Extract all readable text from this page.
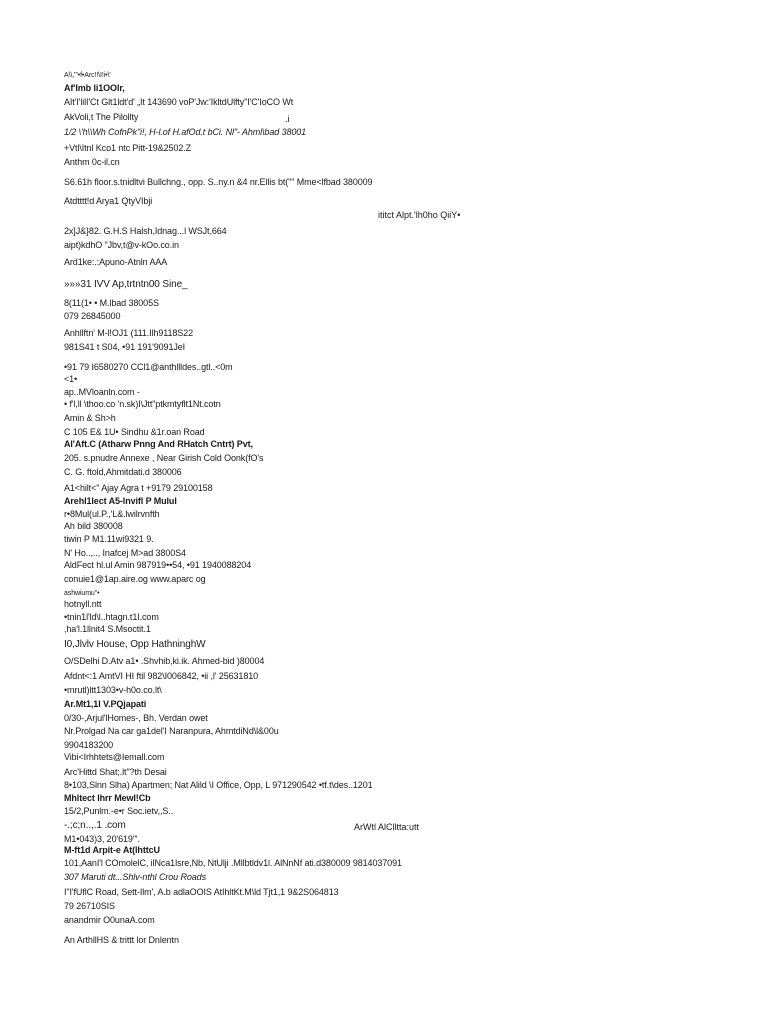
A\\,"'•f•Arc!!\I!i•\'

Af'Imb li1OOlr,

AIt'I'lilI'Ct Glt1ldt'd' „It 143690 voP'Jw:'IkltdUlfty"I'C'IoCO Wt

AkVoli,t The Pilollty	.i

1/2 \'h\\Wh CofnPk"i!, H-l.of H.afOd.t bCi. Nl"- Ahml\bad 38001

+Vtl\Itnl Kco1 ntc Pitt-19&2502.Z

Anthm 0c-il.cn

S6.61h floor.s.tnidltvi Bullchng., opp. S..ny.n &4 nr.Ellis bt("" Mme<lfbad 380009

Atdtttt!d Arya1 QtyVIbji

ititct Alpt.'lh0ho QiiY•

2x]J&}82. G.H.S Halsh,Idnag...l WSJt,664

aipt)kdhO "Jbv,t@v-kOo.co.in

Ard1ke:.:Apuno-Atnln AAA

»»»31 IVV Ap,trtntn00 Sine_

8(11(1• • M.lbad 38005S

079 26845000

Anhllftn' M-l!OJ1 (111.Ilh9118S22

981S41 t S04, •91 191'9091JeI

•91 79 I6580270 CCl1@anthllldes..gtl..<0m

<1•

ap..MVloanln.com -

• f'l,ll \thoo.co 'n.sk)I\Jtt"ptkmtyflt1Nt.cotn

Amin & Sh>h

C 105 E& 1U• Sindhu &1r.oan Road

Al'Aft.C (Atharw Pnng And RHatch Cntrt) Pvt,

205. s.pnudre Annexe , Near Girish Cold Oonk(fO's

C. G. ftold,Ahmitdati.d 380006

A1<hilt<" Ajay Agra t +9179 29100158

Arehl1lect A5-lnvifl P Mulul

r•8Mul(ul.P.,'L&.lwilrvnfth

Ah bild 380008

tiwin P M1.11wi9321 9.

N' Ho..,.., Inafcej M>ad 3800S4

AldFect hl.ul Amin 987919••54, •91 1940088204

conuie1@1ap.aire.og www.aparc og

ashwiumu"•

hotnyll.ntt

•tnin1l'ld\l..htagn.t1I.com

,ha'l.1llnit4 S.Msoctit.1

I0,Jlvlv House, Opp HathninghW

O/SDelhi D.Atv a1• .Shvhib,ki.ik. Ahmed-bid )80004

Afdnt<:1 AmtVI HI ftil 982\I006842, •ii ,l' 25631810

•mrutl)ltt1303•v-h0o.co.lt\

Ar.Mt1,1I V.PQjapati

0/30-,Arjul'lHomes-, Bh. Verdan owet

Nr.Prolgad Na car ga1del'I Naranpura, AhmtdiNd\l&00u

9904183200

Vibi<Irhhtets@Iemall.com

Arc'Hittd Shat;.lt"?th Desai

8•103,Slnn Slha) Apartmen; Nat Alild \I Office, Opp, L 971290542 •tf.t\des..1201

Mhltect lhrr MewI!Cb

15/2,Punlm.-e•r Soc.ietv,,S..

-.;c;n..,.1 .com	ArWtl AlClltta:utt

M1•043)3, 20'619"'.

M-ft1d Arpit-e At(lhttcU

101,AanI'l COmolelC, ilNca1lsre,Nb, NtUlji .Mllbtldv1l. AlNnNf ati.d380009 9814037091

307 Maruti dt...Shlv-nthl Crou Roads

I"I'fUflC Road, Sett-Ilm', A.b adlaOOIS AtIhltKt.M\ld Tjt1,1 9&2S064813

79 26710SIS

anandmir O0unaA.com

An ArthllHS & trittt lor Dnlentn
